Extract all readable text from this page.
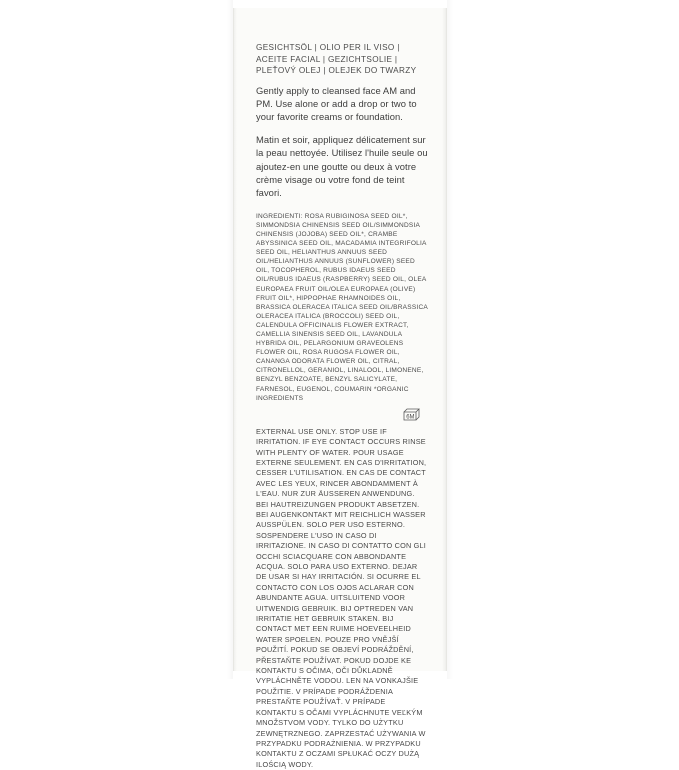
GESICHTSÖL | OLIO PER IL VISO | ACEITE FACIAL | GEZICHTSOLIE | PLEŤOVÝ OLEJ | OLEJEK DO TWARZY

Gently apply to cleansed face AM and PM. Use alone or add a drop or two to your favorite creams or foundation.

Matin et soir, appliquez délicatement sur la peau nettoyée. Utilisez l'huile seule ou ajoutez-en une goutte ou deux à votre crème visage ou votre fond de teint favori.

INGREDIENTI: ROSA RUBIGINOSA SEED OIL*, SIMMONDSIA CHINENSIS SEED OIL/SIMMONDSIA CHINENSIS (JOJOBA) SEED OIL*, CRAMBE ABYSSINICA SEED OIL, MACADAMIA INTEGRIFOLIA SEED OIL, HELIANTHUS ANNUUS SEED OIL/HELIANTHUS ANNUUS (SUNFLOWER) SEED OIL, TOCOPHEROL, RUBUS IDAEUS SEED OIL/RUBUS IDAEUS (RASPBERRY) SEED OIL, OLEA EUROPAEA FRUIT OIL/OLEA EUROPAEA (OLIVE) FRUIT OIL*, HIPPOPHAE RHAMNOIDES OIL, BRASSICA OLERACEA ITALICA SEED OIL/BRASSICA OLERACEA ITALICA (BROCCOLI) SEED OIL, CALENDULA OFFICINALIS FLOWER EXTRACT, CAMELLIA SINENSIS SEED OIL, LAVANDULA HYBRIDA OIL, PELARGONIUM GRAVEOLENS FLOWER OIL, ROSA RUGOSA FLOWER OIL, CANANGA ODORATA FLOWER OIL, CITRAL, CITRONELLOL, GERANIOL, LINALOOL, LIMONENE, BENZYL BENZOATE, BENZYL SALICYLATE, FARNESOL, EUGENOL, COUMARIN *ORGANIC INGREDIENTS
6M
EXTERNAL USE ONLY. STOP USE IF IRRITATION. IF EYE CONTACT OCCURS RINSE WITH PLENTY OF WATER. POUR USAGE EXTERNE SEULEMENT. EN CAS D'IRRITATION, CESSER L'UTILISATION. EN CAS DE CONTACT AVEC LES YEUX, RINCER ABONDAMMENT À L'EAU. NUR ZUR ÄUSSEREN ANWENDUNG. BEI HAUTREIZUNGEN PRODUKT ABSETZEN. BEI AUGENKONTAKT MIT REICHLICH WASSER AUSSPÜLEN. SOLO PER USO ESTERNO. SOSPENDERE L'USO IN CASO DI IRRITAZIONE. IN CASO DI CONTATTO CON GLI OCCHI SCIACQUARE CON ABBONDANTE ACQUA. SOLO PARA USO EXTERNO. DEJAR DE USAR SI HAY IRRITACIÓN. SI OCURRE EL CONTACTO CON LOS OJOS ACLARAR CON ABUNDANTE AGUA. UITSLUITEND VOOR UITWENDIG GEBRUIK. BIJ OPTREDEN VAN IRRITATIE HET GEBRUIK STAKEN. BIJ CONTACT MET EEN RUIME HOEVEELHEID WATER SPOELEN. POUZE PRO VNĚJŠÍ POUŽITÍ. POKUD SE OBJEVÍ PODRÁŽDĚNÍ, PŘESTAŇTE POUŽÍVAT. POKUD DOJDE KE KONTAKTU S OČIMA, OČI DŮKLADNĚ VYPLÁCHNĚTE VODOU. LEN NA VONKAJŠIE POUŽITIE. V PRÍPADE PODRÁŽDENIA PRESTAŇTE POUŽÍVAŤ. V PRÍPADE KONTAKTU S OČAMI VYPLÁCHNUTE VEĽKÝM MNOŽSTVOM VODY. TYLKO DO UŻYTKU ZEWNĘTRZNEGO. ZAPRZESTAĆ UŻYWANIA W PRZYPADKU PODRAŻNIENIA. W PRZYPADKU KONTAKTU Z OCZAMI SPŁUKAĆ OCZY DUŻĄ ILOŚCIĄ WODY.
